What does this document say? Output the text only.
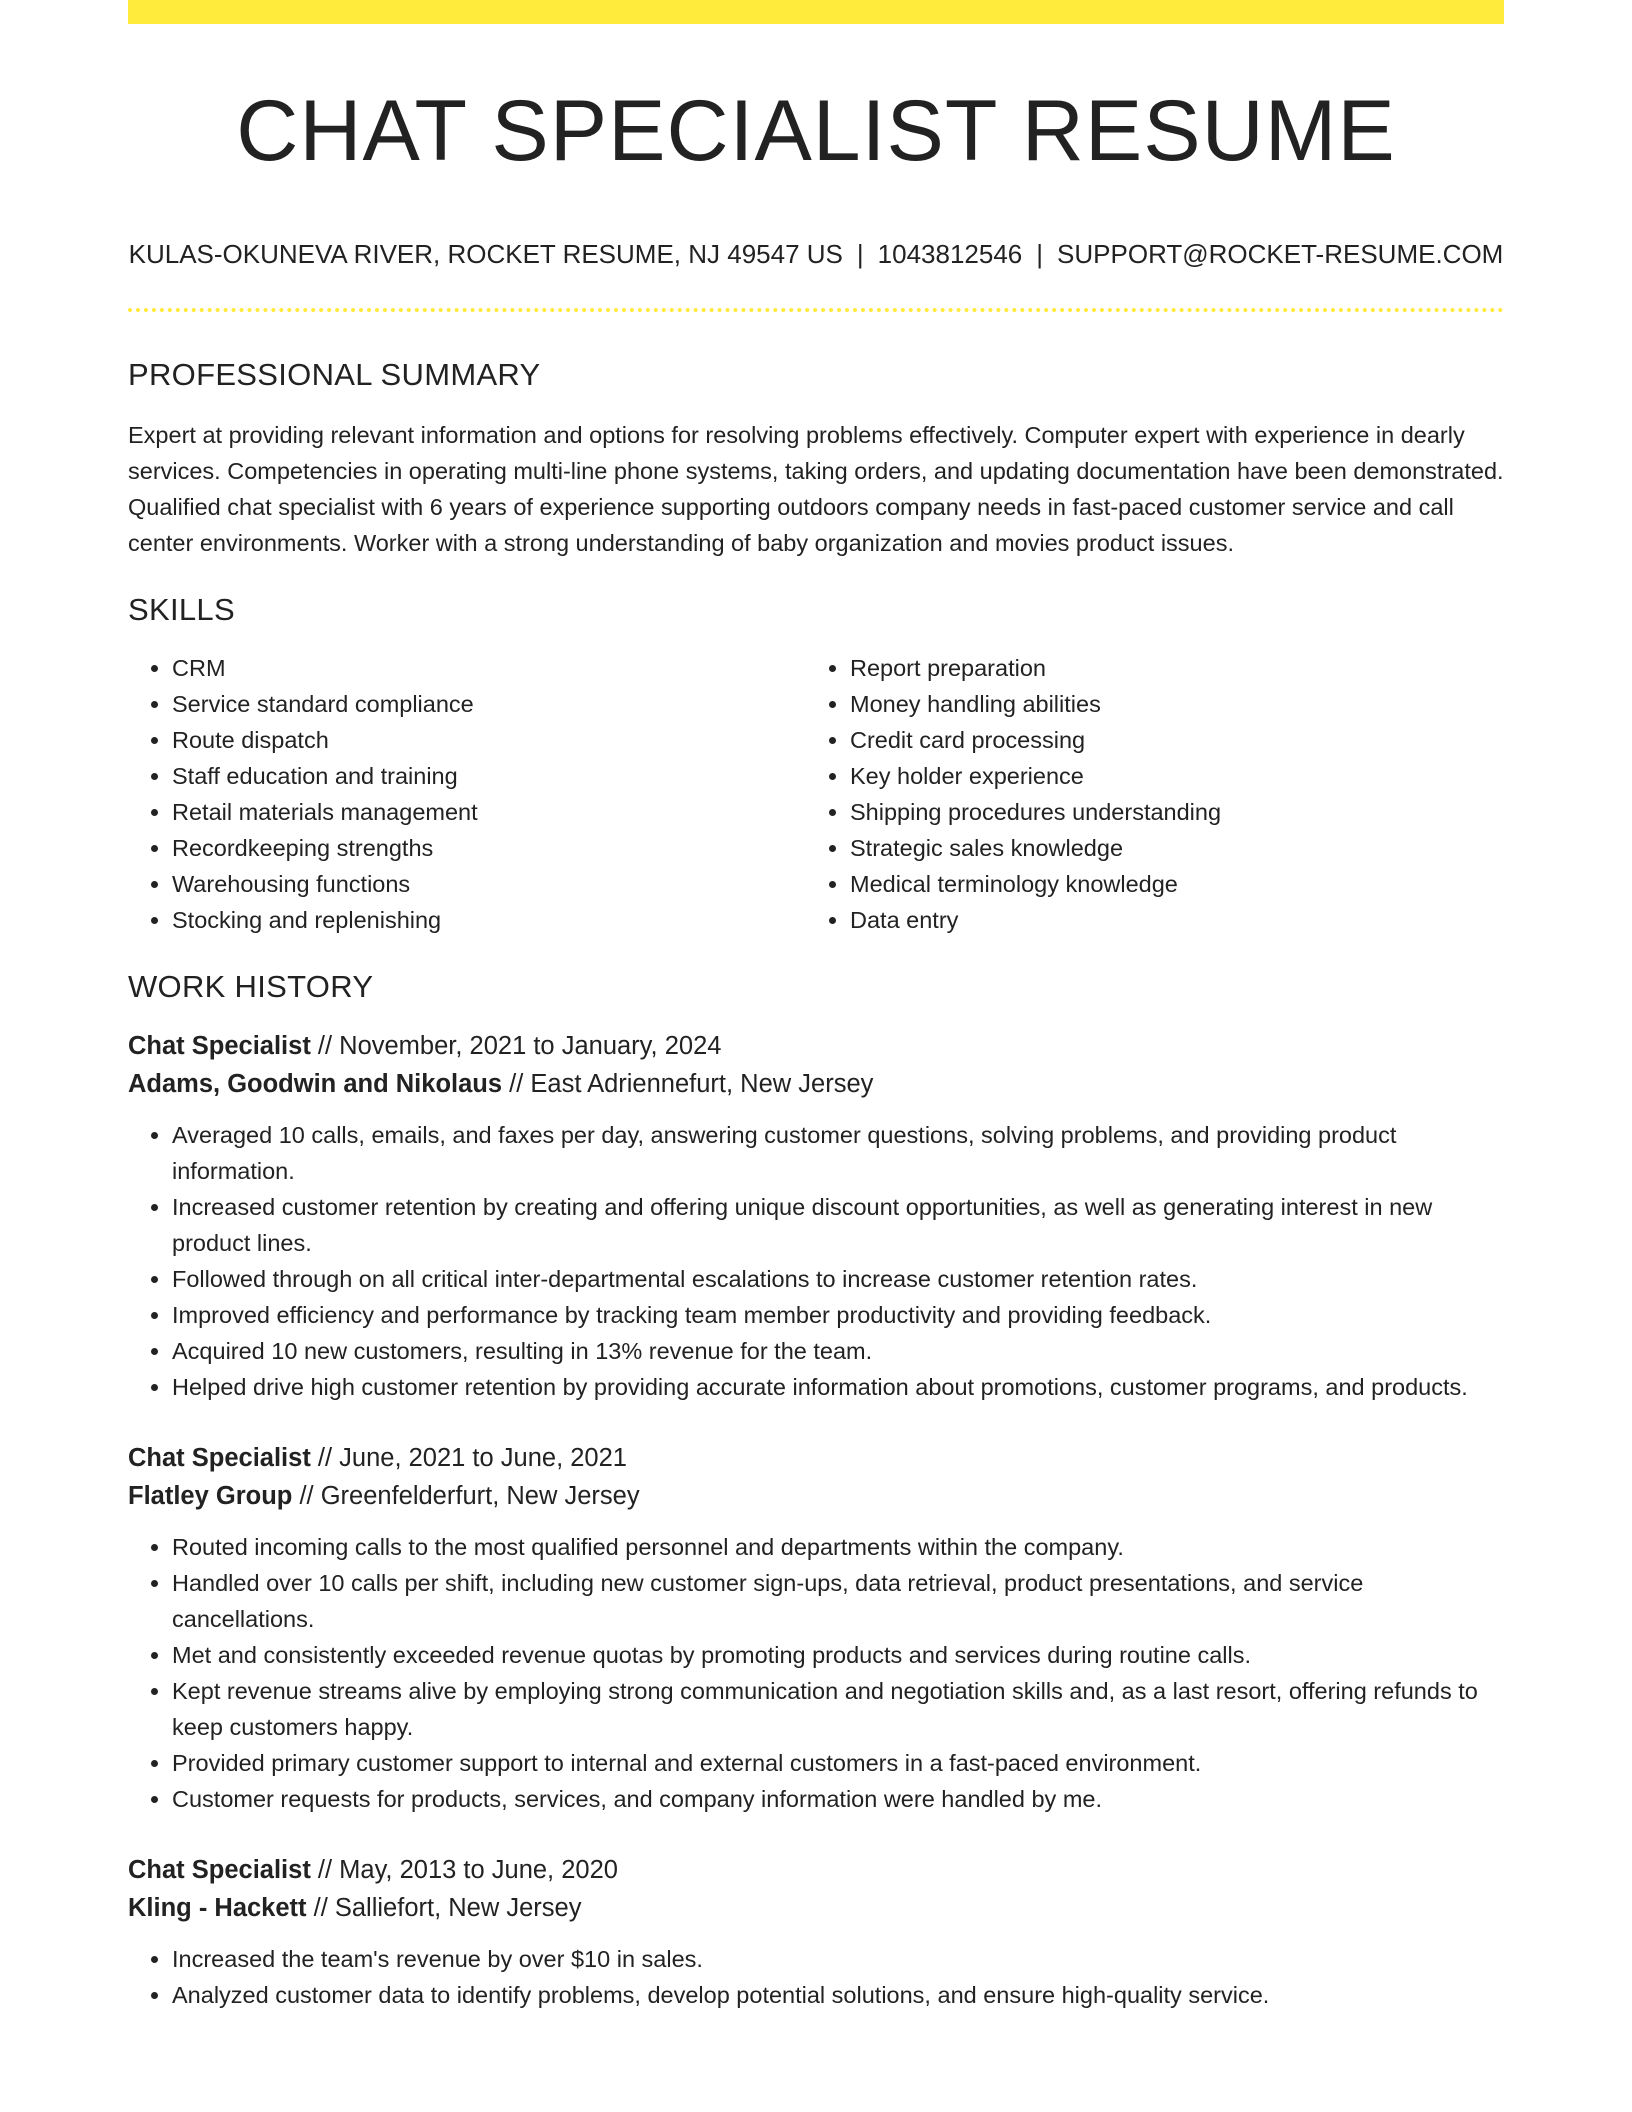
CHAT SPECIALIST RESUME
KULAS-OKUNEVA RIVER, ROCKET RESUME, NJ 49547 US | 1043812546 | SUPPORT@ROCKET-RESUME.COM
PROFESSIONAL SUMMARY

Expert at providing relevant information and options for resolving problems effectively. Computer expert with experience in dearly services. Competencies in operating multi-line phone systems, taking orders, and updating documentation have been demonstrated. Qualified chat specialist with 6 years of experience supporting outdoors company needs in fast-paced customer service and call center environments. Worker with a strong understanding of baby organization and movies product issues.

SKILLS
• CRM
• Service standard compliance
• Route dispatch
• Staff education and training
• Retail materials management
• Recordkeeping strengths
• Warehousing functions
• Stocking and replenishing
• Report preparation
• Money handling abilities
• Credit card processing
• Key holder experience
• Shipping procedures understanding
• Strategic sales knowledge
• Medical terminology knowledge
• Data entry
WORK HISTORY
Chat Specialist // November, 2021 to January, 2024
Adams, Goodwin and Nikolaus // East Adriennefurt, New Jersey
• Averaged 10 calls, emails, and faxes per day, answering customer questions, solving problems, and providing product information.
• Increased customer retention by creating and offering unique discount opportunities, as well as generating interest in new product lines.
• Followed through on all critical inter-departmental escalations to increase customer retention rates.
• Improved efficiency and performance by tracking team member productivity and providing feedback.
• Acquired 10 new customers, resulting in 13% revenue for the team.
• Helped drive high customer retention by providing accurate information about promotions, customer programs, and products.
Chat Specialist // June, 2021 to June, 2021
Flatley Group // Greenfelderfurt, New Jersey
• Routed incoming calls to the most qualified personnel and departments within the company.
• Handled over 10 calls per shift, including new customer sign-ups, data retrieval, product presentations, and service cancellations.
• Met and consistently exceeded revenue quotas by promoting products and services during routine calls.
• Kept revenue streams alive by employing strong communication and negotiation skills and, as a last resort, offering refunds to keep customers happy.
• Provided primary customer support to internal and external customers in a fast-paced environment.
• Customer requests for products, services, and company information were handled by me.
Chat Specialist // May, 2013 to June, 2020
Kling - Hackett // Salliefort, New Jersey
• Increased the team's revenue by over $10 in sales.
• Analyzed customer data to identify problems, develop potential solutions, and ensure high-quality service.
